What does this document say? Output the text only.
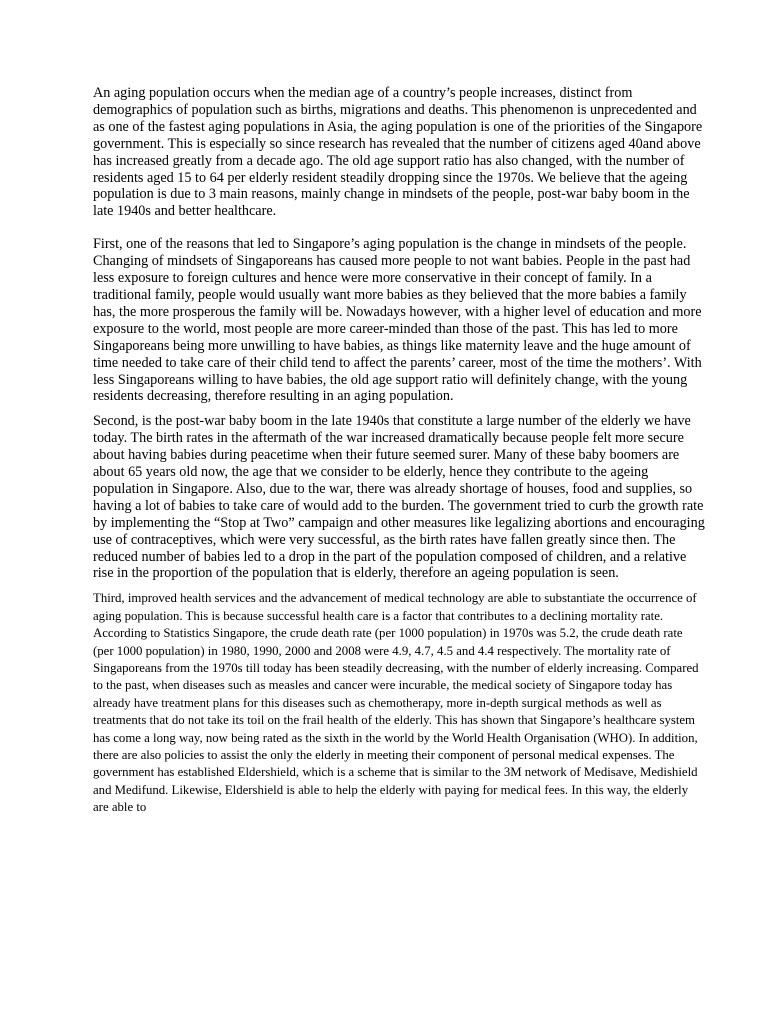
An aging population occurs when the median age of a country’s people increases, distinct from demographics of population such as births, migrations and deaths. This phenomenon is unprecedented and as one of the fastest aging populations in Asia, the aging population is one of the priorities of the Singapore government. This is especially so since research has revealed that the number of citizens aged 40and above has increased greatly from a decade ago. The old age support ratio has also changed, with the number of residents aged 15 to 64 per elderly resident steadily dropping since the 1970s. We believe that the ageing population is due to 3 main reasons, mainly change in mindsets of the people, post-war baby boom in the late 1940s and better healthcare.

First, one of the reasons that led to Singapore’s aging population is the change in mindsets of the people. Changing of mindsets of Singaporeans has caused more people to not want babies. People in the past had less exposure to foreign cultures and hence were more conservative in their concept of family. In a traditional family, people would usually want more babies as they believed that the more babies a family has, the more prosperous the family will be. Nowadays however, with a higher level of education and more exposure to the world, most people are more career-minded than those of the past. This has led to more Singaporeans being more unwilling to have babies, as things like maternity leave and the huge amount of time needed to take care of their child tend to affect the parents’ career, most of the time the mothers’. With less Singaporeans willing to have babies, the old age support ratio will definitely change, with the young residents decreasing, therefore resulting in an aging population.

Second, is the post-war baby boom in the late 1940s that constitute a large number of the elderly we have today. The birth rates in the aftermath of the war increased dramatically because people felt more secure about having babies during peacetime when their future seemed surer. Many of these baby boomers are about 65 years old now, the age that we consider to be elderly, hence they contribute to the ageing population in Singapore. Also, due to the war, there was already shortage of houses, food and supplies, so having a lot of babies to take care of would add to the burden. The government tried to curb the growth rate by implementing the “Stop at Two” campaign and other measures like legalizing abortions and encouraging use of contraceptives, which were very successful, as the birth rates have fallen greatly since then. The reduced number of babies led to a drop in the part of the population composed of children, and a relative rise in the proportion of the population that is elderly, therefore an ageing population is seen.

Third, improved health services and the advancement of medical technology are able to substantiate the occurrence of aging population. This is because successful health care is a factor that contributes to a declining mortality rate. According to Statistics Singapore, the crude death rate (per 1000 population) in 1970s was 5.2, the crude death rate (per 1000 population) in 1980, 1990, 2000 and 2008 were 4.9, 4.7, 4.5 and 4.4 respectively. The mortality rate of Singaporeans from the 1970s till today has been steadily decreasing, with the number of elderly increasing. Compared to the past, when diseases such as measles and cancer were incurable, the medical society of Singapore today has already have treatment plans for this diseases such as chemotherapy, more in-depth surgical methods as well as treatments that do not take its toil on the frail health of the elderly. This has shown that Singapore’s healthcare system has come a long way, now being rated as the sixth in the world by the World Health Organisation (WHO). In addition, there are also policies to assist the only the elderly in meeting their component of personal medical expenses. The government has established Eldershield, which is a scheme that is similar to the 3M network of Medisave, Medishield and Medifund. Likewise, Eldershield is able to help the elderly with paying for medical fees. In this way, the elderly are able to
